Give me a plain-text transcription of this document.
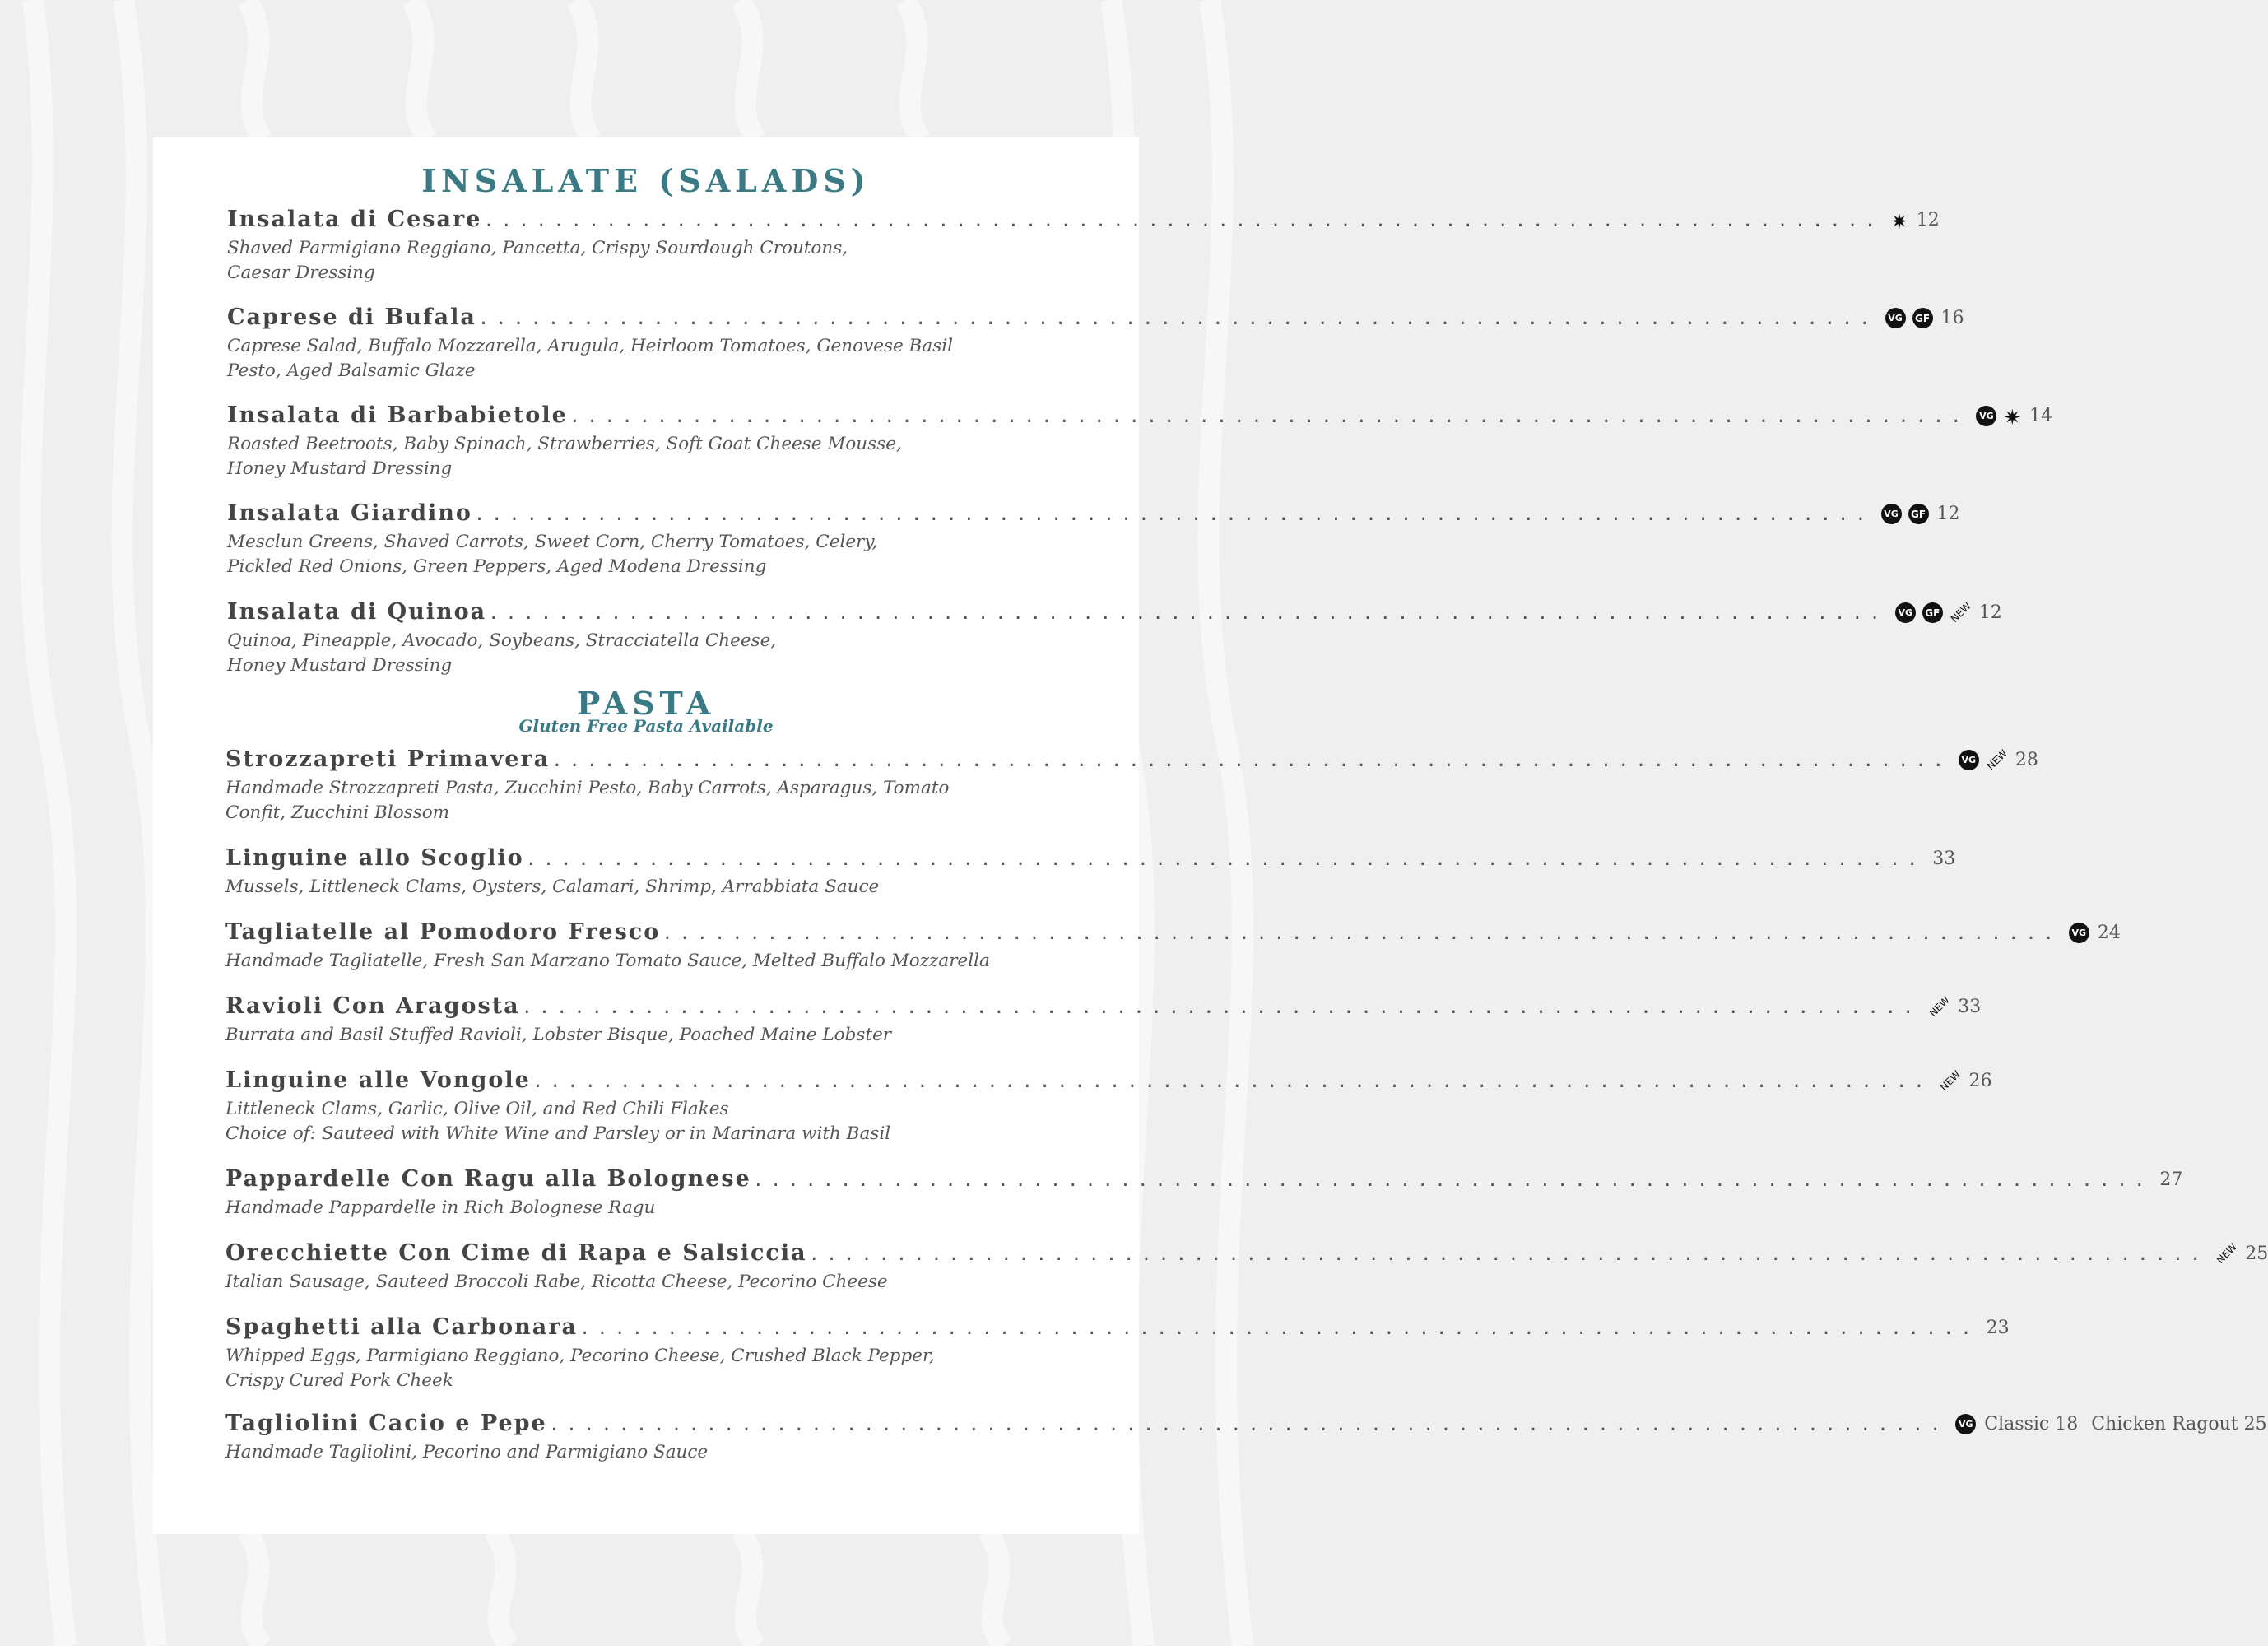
INSALATE (SALADS)
Insalata di Cesare ................................................................................ ✷ 12
Shaved Parmigiano Reggiano, Pancetta, Crispy Sourdough Croutons,
Caesar Dressing
Caprese di Bufala ................................................................................	VG	GF 16
Caprese Salad, Buffalo Mozzarella, Arugula, Heirloom Tomatoes, Genovese Basil
Pesto, Aged Balsamic Glaze
Insalata di Barbabietole ................................................................................	VG ✷ 14
Roasted Beetroots, Baby Spinach, Strawberries, Soft Goat Cheese Mousse,
Honey Mustard Dressing
Insalata Giardino ................................................................................	VG	GF 12
Mesclun Greens, Shaved Carrots, Sweet Corn, Cherry Tomatoes, Celery,
Pickled Red Onions, Green Peppers, Aged Modena Dressing
Insalata di Quinoa ................................................................................	VG	GF NEW 12
Quinoa, Pineapple, Avocado, Soybeans, Stracciatella Cheese,
Honey Mustard Dressing
PASTA
Gluten Free Pasta Available
Strozzapreti Primavera ................................................................................	VG NEW 28
Handmade Strozzapreti Pasta, Zucchini Pesto, Baby Carrots, Asparagus, Tomato
Confit, Zucchini Blossom
Linguine allo Scoglio ................................................................................ 33
Mussels, Littleneck Clams, Oysters, Calamari, Shrimp, Arrabbiata Sauce
Tagliatelle al Pomodoro Fresco ................................................................................	VG 24
Handmade Tagliatelle, Fresh San Marzano Tomato Sauce, Melted Buffalo Mozzarella
Ravioli Con Aragosta ................................................................................ NEW 33
Burrata and Basil Stuffed Ravioli, Lobster Bisque, Poached Maine Lobster
Linguine alle Vongole ................................................................................ NEW 26
Littleneck Clams, Garlic, Olive Oil, and Red Chili Flakes
Choice of: Sauteed with White Wine and Parsley or in Marinara with Basil
Pappardelle Con Ragu alla Bolognese ................................................................................ 27
Handmade Pappardelle in Rich Bolognese Ragu
Orecchiette Con Cime di Rapa e Salsiccia ................................................................................ NEW 25
Italian Sausage, Sauteed Broccoli Rabe, Ricotta Cheese, Pecorino Cheese
Spaghetti alla Carbonara ................................................................................ 23
Whipped Eggs, Parmigiano Reggiano, Pecorino Cheese, Crushed Black Pepper,
Crispy Cured Pork Cheek
Tagliolini Cacio e Pepe ................................................................................	VG Classic 18 Chicken Ragout 25
Handmade Tagliolini, Pecorino and Parmigiano Sauce
